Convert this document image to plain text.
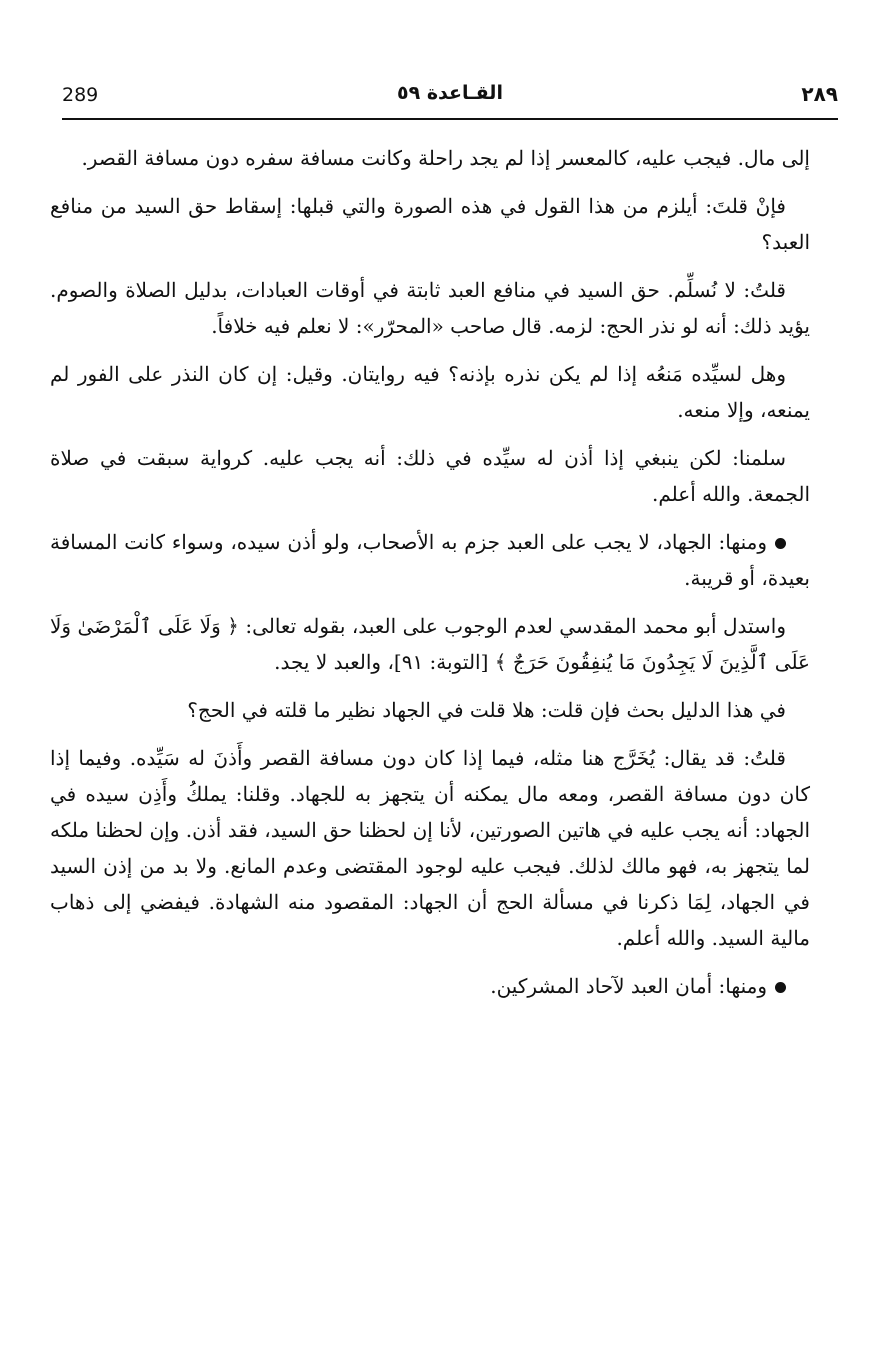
289	القـاعدة ٥٩	٢٨٩

إلى مال. فيجب عليه، كالمعسر إذا لم يجد راحلة وكانت مسافة سفره دون مسافة القصر.

فإنْ قلتَ: أيلزم من هذا القول في هذه الصورة والتي قبلها: إسقاط حق السيد من منافع العبد؟

قلتُ: لا نُسلِّم. حق السيد في منافع العبد ثابتة في أوقات العبادات، بدليل الصلاة والصوم. يؤيد ذلك: أنه لو نذر الحج: لزمه. قال صاحب «المحرّر»: لا نعلم فيه خلافاً.

وهل لسيِّده مَنعُه إذا لم يكن نذره بإذنه؟ فيه روايتان. وقيل: إن كان النذر على الفور لم يمنعه، وإلا منعه.

سلمنا: لكن ينبغي إذا أذن له سيِّده في ذلك: أنه يجب عليه. كرواية سبقت في صلاة الجمعة. والله أعلم.

ومنها: الجهاد، لا يجب على العبد جزم به الأصحاب، ولو أذن سيده، وسواء كانت المسافة بعيدة، أو قريبة.

واستدل أبو محمد المقدسي لعدم الوجوب على العبد، بقوله تعالى: ﴿ وَلَا عَلَى ٱلْمَرْضَىٰ وَلَا عَلَى ٱلَّذِينَ لَا يَجِدُونَ مَا يُنفِقُونَ حَرَجٌ ﴾ [التوبة: ٩١]، والعبد لا يجد.

في هذا الدليل بحث فإن قلت: هلا قلت في الجهاد نظير ما قلته في الحج؟

قلتُ: قد يقال: يُخَرَّج هنا مثله، فيما إذا كان دون مسافة القصر وأَذنَ له سَيِّده. وفيما إذا كان دون مسافة القصر، ومعه مال يمكنه أن يتجهز به للجهاد. وقلنا: يملكُ وأَذِن سيده في الجهاد: أنه يجب عليه في هاتين الصورتين، لأنا إن لحظنا حق السيد، فقد أذن. وإن لحظنا ملكه لما يتجهز به، فهو مالك لذلك. فيجب عليه لوجود المقتضى وعدم المانع. ولا بد من إذن السيد في الجهاد، لِمَا ذكرنا في مسألة الحج أن الجهاد: المقصود منه الشهادة. فيفضي إلى ذهاب مالية السيد. والله أعلم.

ومنها: أمان العبد لآحاد المشركين.
